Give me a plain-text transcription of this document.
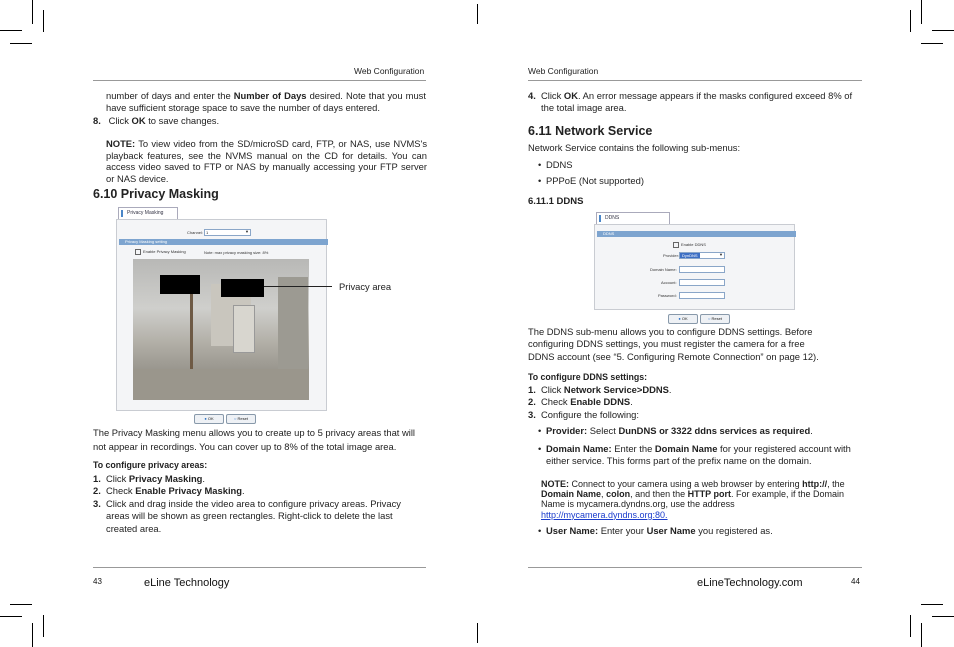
Web Configuration
number of days and enter the Number of Days desired. Note that you must have sufficient storage space to save the number of days entered.
8. Click OK to save changes.
NOTE: To view video from the SD/microSD card, FTP, or NAS, use NVMS's playback features, see the NVMS manual on the CD for details. You can access video saved to FTP or NAS by manually accessing your FTP server or NAS device.
6.10 Privacy Masking
Privacy Masking
Channel: 1	▼
Privacy Masking setting
Enable Privacy Masking	Note: max privacy masking size: 8%
Privacy area
● OK	○ Reset
The Privacy Masking menu allows you to create up to 5 privacy areas that will not appear in recordings. You can cover up to 8% of the total image area.
To configure privacy areas:
1. Click Privacy Masking.
2. Check Enable Privacy Masking.
3. Click and drag inside the video area to configure privacy areas. Privacy areas will be shown as green rectangles. Right-click to delete the last created area.
43	eLine Technology
Web Configuration
4. Click OK. An error message appears if the masks configured exceed 8% of the total image area.
6.11 Network Service
Network Service contains the following sub-menus:
• DDNS
• PPPoE (Not supported)
6.11.1 DDNS
DDNS
DDNS
Enable DDNS
Provider: DynDNS	▼
Domain Name:
Account:
Password:
● OK	○ Reset
The DDNS sub-menu allows you to configure DDNS settings. Before configuring DDNS settings, you must register the camera for a free DDNS account (see “5. Configuring Remote Connection” on page 12).
To configure DDNS settings:
1. Click Network Service>DDNS.
2. Check Enable DDNS.
3. Configure the following:
• Provider: Select DunDNS or 3322 ddns services as required.
• Domain Name: Enter the Domain Name for your registered account with either service. This forms part of the prefix name on the domain.
NOTE: Connect to your camera using a web browser by entering http://, the Domain Name, colon, and then the HTTP port. For example, if the Domain Name is mycamera.dyndns.org, use the address
http://mycamera.dyndns.org:80.
• User Name: Enter your User Name you registered as.
eLineTechnology.com	44
